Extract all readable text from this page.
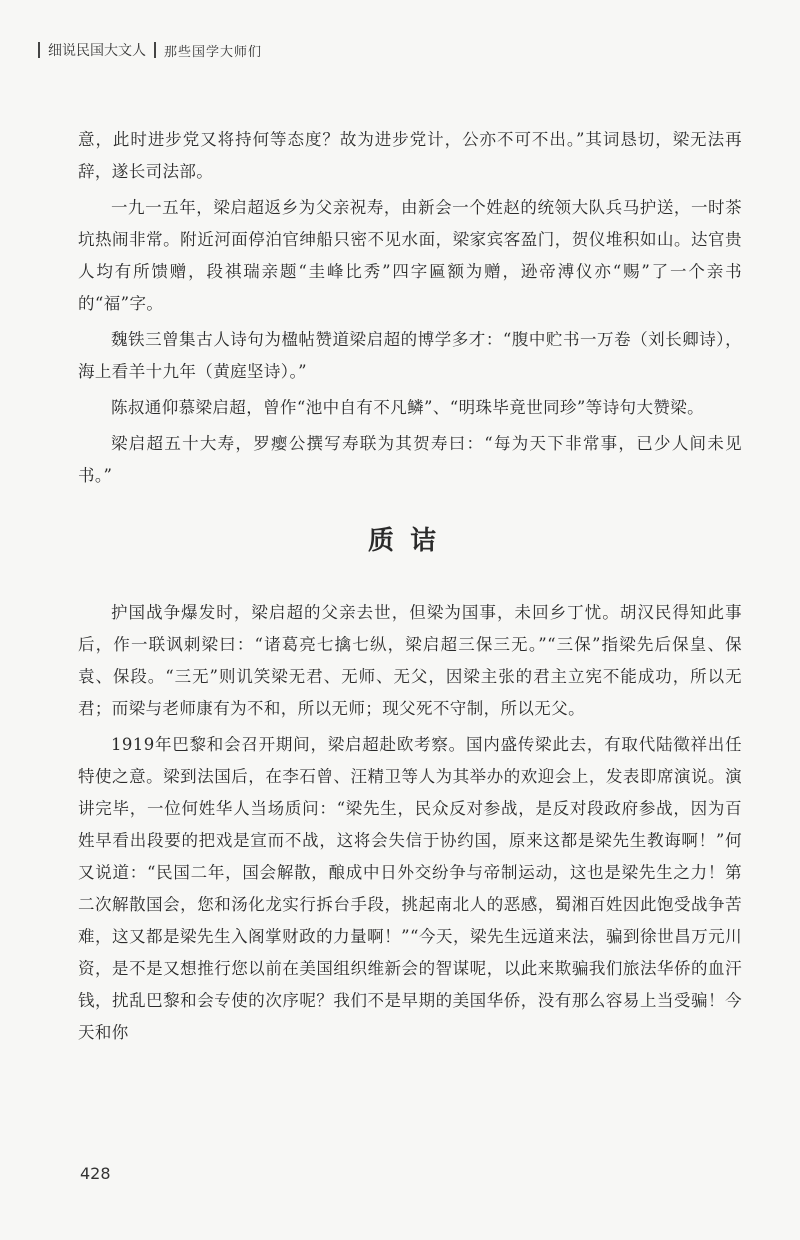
细说民国大文人 那些国学大师们

意，此时进步党又将持何等态度？故为进步党计，公亦不可不出。”其词恳切，梁无法再辞，遂长司法部。

一九一五年，梁启超返乡为父亲祝寿，由新会一个姓赵的统领大队兵马护送，一时茶坑热闹非常。附近河面停泊官绅船只密不见水面，梁家宾客盈门，贺仪堆积如山。达官贵人均有所馈赠，段祺瑞亲题“圭峰比秀”四字匾额为赠，逊帝溥仪亦“赐”了一个亲书的“福”字。

魏铁三曾集古人诗句为楹帖赞道梁启超的博学多才：“腹中贮书一万卷（刘长卿诗），海上看羊十九年（黄庭坚诗）。”

陈叔通仰慕梁启超，曾作“池中自有不凡鳞”、“明珠毕竟世同珍”等诗句大赞梁。

梁启超五十大寿，罗瘿公撰写寿联为其贺寿曰：“每为天下非常事，已少人间未见书。”

质诘

护国战争爆发时，梁启超的父亲去世，但梁为国事，未回乡丁忧。胡汉民得知此事后，作一联讽刺梁曰：“诸葛亮七擒七纵，梁启超三保三无。”“三保”指梁先后保皇、保袁、保段。“三无”则讥笑梁无君、无师、无父，因梁主张的君主立宪不能成功，所以无君；而梁与老师康有为不和，所以无师；现父死不守制，所以无父。

1919年巴黎和会召开期间，梁启超赴欧考察。国内盛传梁此去，有取代陆徵祥出任特使之意。梁到法国后，在李石曾、汪精卫等人为其举办的欢迎会上，发表即席演说。演讲完毕，一位何姓华人当场质问：“梁先生，民众反对参战，是反对段政府参战，因为百姓早看出段要的把戏是宣而不战，这将会失信于协约国，原来这都是梁先生教诲啊！”何又说道：“民国二年，国会解散，酿成中日外交纷争与帝制运动，这也是梁先生之力！第二次解散国会，您和汤化龙实行拆台手段，挑起南北人的恶感，蜀湘百姓因此饱受战争苦难，这又都是梁先生入阁掌财政的力量啊！”“今天，梁先生远道来法，骗到徐世昌万元川资，是不是又想推行您以前在美国组织维新会的智谋呢，以此来欺骗我们旅法华侨的血汗钱，扰乱巴黎和会专使的次序呢？我们不是早期的美国华侨，没有那么容易上当受骗！今天和你

428
